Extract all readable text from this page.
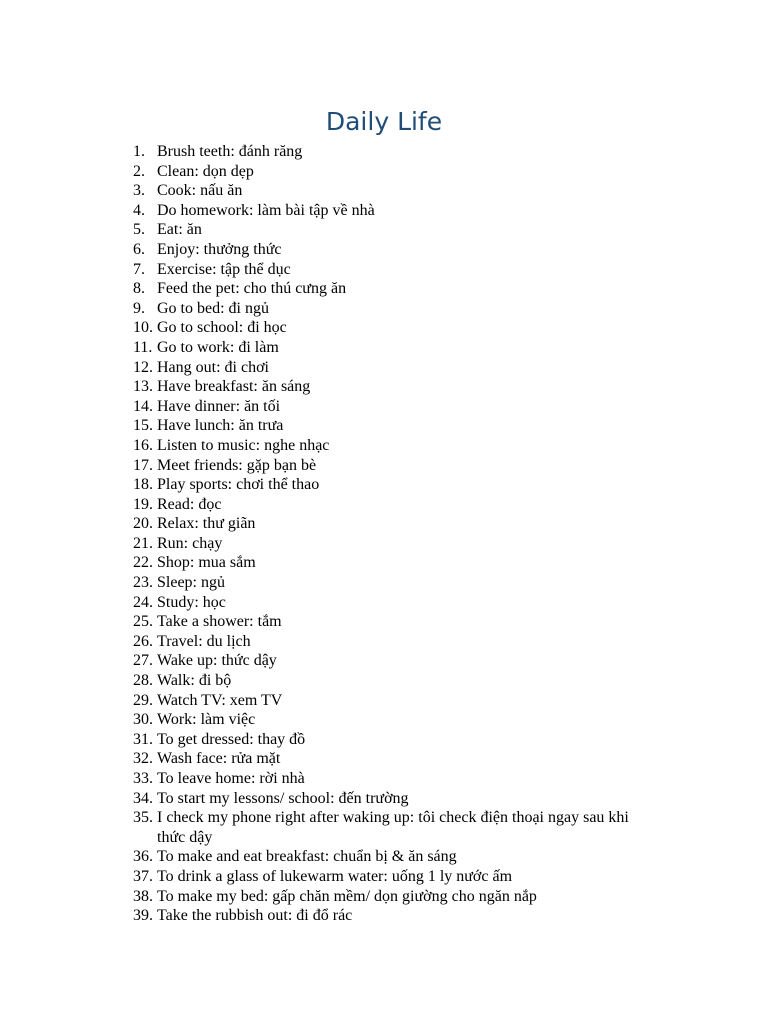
Daily Life
1. Brush teeth: đánh răng
2. Clean: dọn dẹp
3. Cook: nấu ăn
4. Do homework: làm bài tập về nhà
5. Eat: ăn
6. Enjoy: thưởng thức
7. Exercise: tập thể dục
8. Feed the pet: cho thú cưng ăn
9. Go to bed: đi ngủ
10. Go to school: đi học
11. Go to work: đi làm
12. Hang out: đi chơi
13. Have breakfast: ăn sáng
14. Have dinner: ăn tối
15. Have lunch: ăn trưa
16. Listen to music: nghe nhạc
17. Meet friends: gặp bạn bè
18. Play sports: chơi thể thao
19. Read: đọc
20. Relax: thư giãn
21. Run: chạy
22. Shop: mua sắm
23. Sleep: ngủ
24. Study: học
25. Take a shower: tắm
26. Travel: du lịch
27. Wake up: thức dậy
28. Walk: đi bộ
29. Watch TV: xem TV
30. Work: làm việc
31. To get dressed: thay đồ
32. Wash face: rửa mặt
33. To leave home: rời nhà
34. To start my lessons/ school: đến trường
35. I check my phone right after waking up: tôi check điện thoại ngay sau khi thức dậy
36. To make and eat breakfast: chuẩn bị & ăn sáng
37. To drink a glass of lukewarm water: uống 1 ly nước ấm
38. To make my bed: gấp chăn mềm/ dọn giường cho ngăn nắp
39. Take the rubbish out: đi đổ rác
